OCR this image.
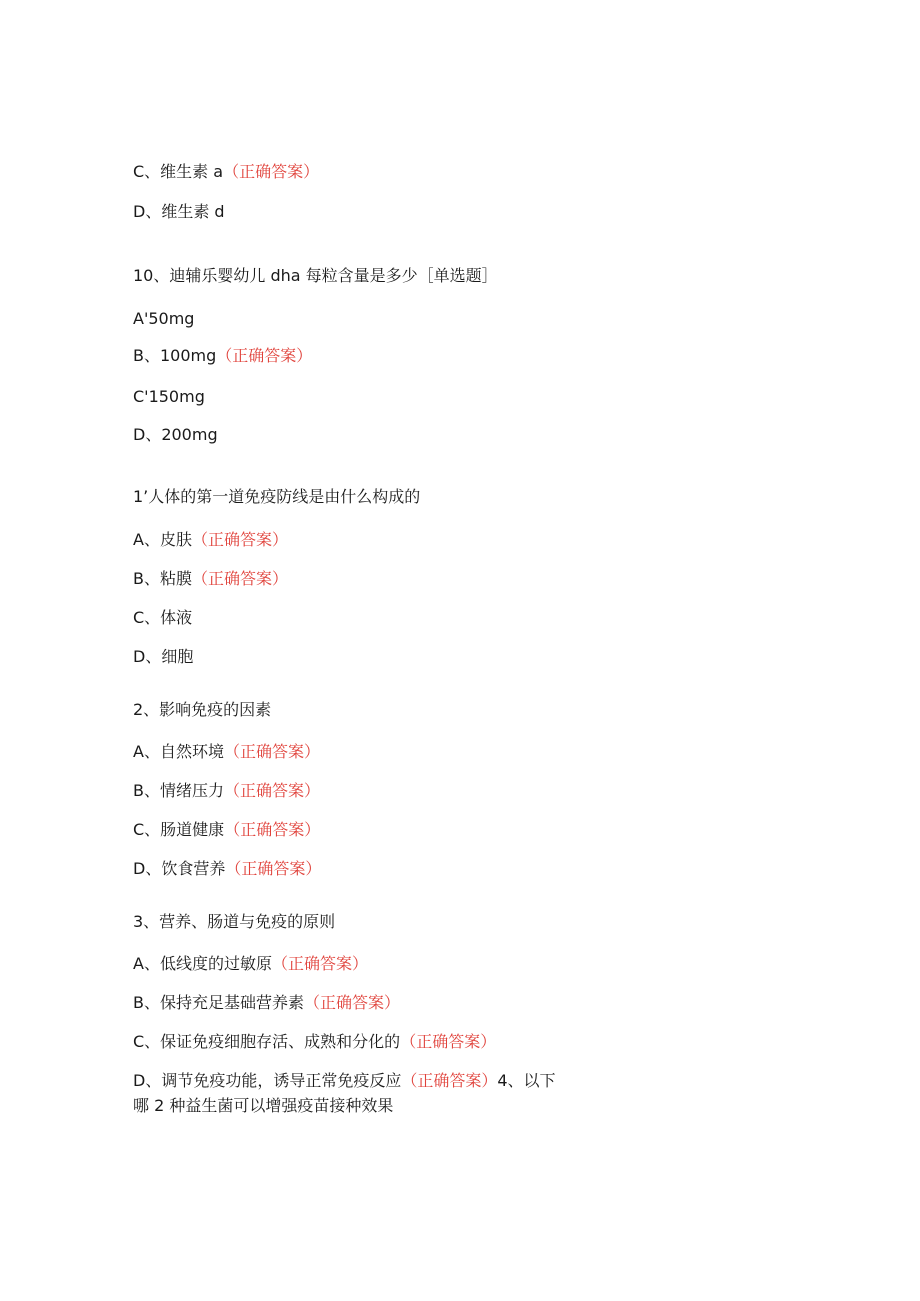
C、维生素 a（正确答案）
D、维生素 d
10、迪辅乐婴幼儿 dha 每粒含量是多少［单选题］
A'50mg
B、100mg（正确答案）
C'150mg
D、200mg
1’人体的第一道免疫防线是由什么构成的
A、皮肤（正确答案）
B、粘膜（正确答案）
C、体液
D、细胞
2、影响免疫的因素
A、自然环境（正确答案）
B、情绪压力（正确答案）
C、肠道健康（正确答案）
D、饮食营养（正确答案）
3、营养、肠道与免疫的原则
A、低线度的过敏原（正确答案）
B、保持充足基础营养素（正确答案）
C、保证免疫细胞存活、成熟和分化的（正确答案）
D、调节免疫功能，诱导正常免疫反应（正确答案）4、以下
哪 2 种益生菌可以增强疫苗接种效果
